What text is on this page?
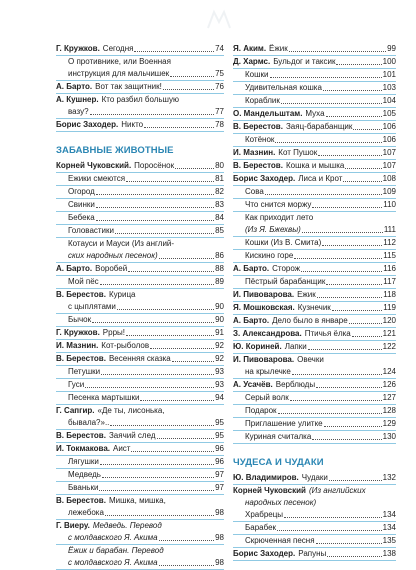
Г. Кружков. Сегодня	74
О противнике, или Военная
инструкция для мальчишек	75
А. Барто. Вот так защитник!	76
А. Кушнер. Кто разбил большую
вазу?	77
Борис Заходер. Никто	78
ЗАБАВНЫЕ ЖИВОТНЫЕ
Корней Чуковский. Поросёнок	80
Ежики смеются	81
Огород	82
Свинки	83
Бебека	84
Головастики	85
Котауси и Мауси (Из англий-
ских народных песенок)	86
А. Барто. Воробей	88
Мой пёс	89
В. Берестов. Курица
с цыплятами	90
Бычок	90
Г. Кружков. Ррры!	91
И. Мазнин. Кот-рыболов	92
В. Берестов. Весенняя сказка	92
Петушки	93
Гуси	93
Песенка мартышки	94
Г. Сапгир. «Де ты, лисонька,
бывала?»..	95
В. Берестов. Заячий след	95
И. Токмакова. Аист	96
Лягушки	96
Медведь	97
Бваньки	97
В. Берестов. Мишка, мишка,
лежебока	98
Г. Виеру. Медведь. Перевод
с молдавского Я. Акима	98
Ёжик и барабан. Перевод
с молдавского Я. Акима	98
Я. Аким. Ёжик	99
Д. Хармс. Бульдог и таксик	100
Кошки	101
Удивительная кошка	103
Кораблик	104
О. Мандельштам. Муха	105
В. Берестов. Заяц-барабанщик	106
Котёнок	106
И. Мазнин. Кот Пушок	107
В. Берестов. Кошка и мышка	107
Борис Заходер. Лиса и Крот	108
Сова	109
Что снится моржу	110
Как приходит лето
(Из Я. Бжехвы)	111
Кошки (Из В. Смита)	112
Кискино горе	115
А. Барто. Сторож	116
Пёстрый барабанщик	117
И. Пивоварова. Ежик	118
Я. Мошковская. Кузнечик	119
А. Барто. Дело было в январе	120
З. Александрова. Птичья ёлка	121
Ю. Кориней. Лапки	122
И. Пивоварова. Овечки
на крылечке	124
А. Усачёв. Верблюды	126
Серый волк	127
Подарок	128
Приглашение улитке	129
Куриная считалка	130
ЧУДЕСА И ЧУДАКИ
Ю. Владимиров. Чудаки	132
Корней Чуковский (Из английских
народных песенок)
Храбрецы	134
Барабек	134
Скрюченная песня	135
Борис Заходер. Рапуны	138
